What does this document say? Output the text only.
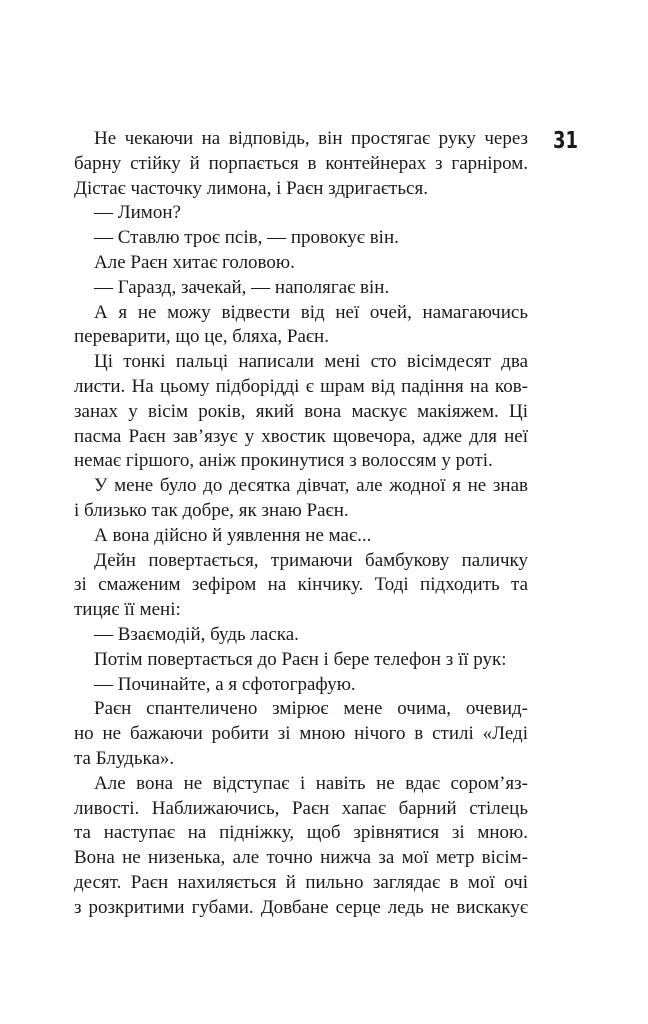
31
Не чекаючи на відповідь, він простягає руку через
барну стійку й порпається в контейнерах з гарніром.
Дістає часточку лимона, і Раєн здригається.
— Лимон?
— Ставлю троє псів, — провокує він.
Але Раєн хитає головою.
— Гаразд, зачекай, — наполягає він.
А я не можу відвести від неї очей, намагаючись
переварити, що це, бляха, Раєн.
Ці тонкі пальці написали мені сто вісімдесят два
листи. На цьому підборідді є шрам від падіння на ков-
занах у вісім років, який вона маскує макіяжем. Ці
пасма Раєн зав’язує у хвостик щовечора, адже для неї
немає гіршого, аніж прокинутися з волоссям у роті.
У мене було до десятка дівчат, але жодної я не знав
і близько так добре, як знаю Раєн.
А вона дійсно й уявлення не має...
Дейн повертається, тримаючи бамбукову паличку
зі смаженим зефіром на кінчику. Тоді підходить та
тицяє її мені:
— Взаємодій, будь ласка.
Потім повертається до Раєн і бере телефон з її рук:
— Починайте, а я сфотографую.
Раєн спантеличено змірює мене очима, очевид-
но не бажаючи робити зі мною нічого в стилі «Леді
та Блудька».
Але вона не відступає і навіть не вдає сором’яз-
ливості. Наближаючись, Раєн хапає барний стілець
та наступає на підніжку, щоб зрівнятися зі мною.
Вона не низенька, але точно нижча за мої метр вісім-
десят. Раєн нахиляється й пильно заглядає в мої очі
з розкритими губами. Довбане серце ледь не вискакує
